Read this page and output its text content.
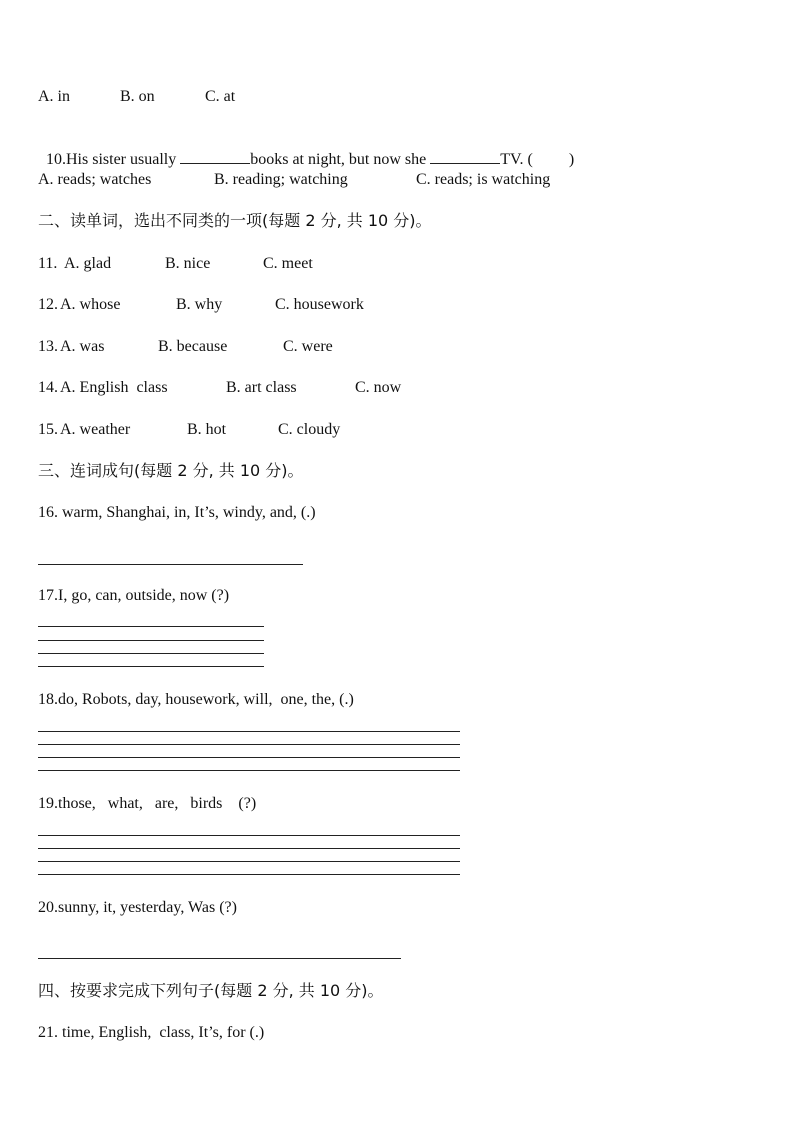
A. in

	B. on

	C. at

10.His sister usually	books at night, but now she	TV. ( )

A. reads; watches

	B. reading; watching

	C. reads; is watching

二、读单词，选出不同类的一项(每题 2 分, 共 10 分)。

11.

A. glad

	B. nice

	C. meet

12.

A. whose

	B. why

	C. housework

13.

A. was

	B. because

	C. were

14.

A. English  class

	B. art class

	C. now

15.

A. weather

	B. hot

	C. cloudy

三、连词成句(每题 2 分, 共 10 分)。
16. warm, Shanghai, in, It’s, windy, and, (.)
17.I, go, can, outside, now (?)
18.do, Robots, day, housework, will,  one, the, (.)
19.those,   what,   are,   birds    (?)
20.sunny, it, yesterday, Was (?)
四、按要求完成下列句子(每题 2 分, 共 10 分)。
21. time, English,  class, It’s, for (.)
